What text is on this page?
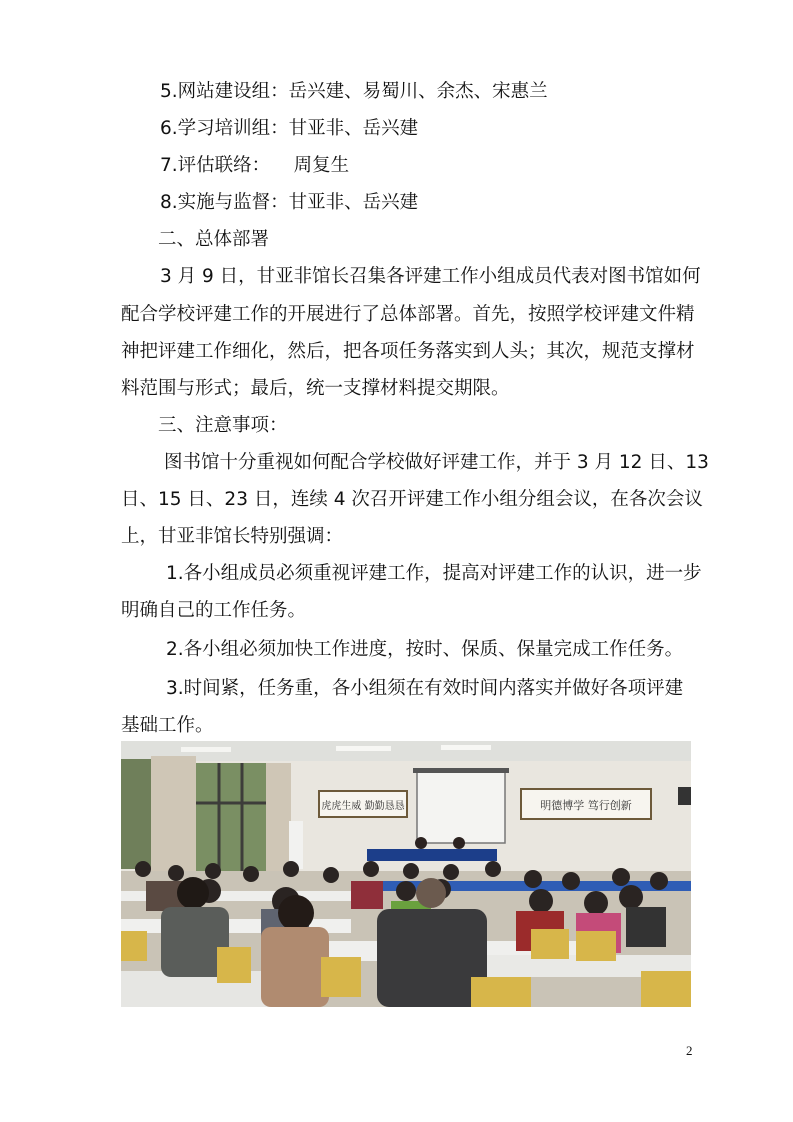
5.网站建设组：岳兴建、易蜀川、余杰、宋惠兰
6.学习培训组：甘亚非、岳兴建
7.评估联络：    周复生
8.实施与监督：甘亚非、岳兴建
二、总体部署
3 月 9 日，甘亚非馆长召集各评建工作小组成员代表对图书馆如何
配合学校评建工作的开展进行了总体部署。首先，按照学校评建文件精
神把评建工作细化，然后，把各项任务落实到人头；其次，规范支撑材
料范围与形式；最后，统一支撑材料提交期限。
三、注意事项：
图书馆十分重视如何配合学校做好评建工作，并于 3 月 12 日、13
日、15 日、23 日，连续 4 次召开评建工作小组分组会议，在各次会议
上，甘亚非馆长特别强调：
1.各小组成员必须重视评建工作，提高对评建工作的认识，进一步
明确自己的工作任务。
2.各小组必须加快工作进度，按时、保质、保量完成工作任务。
3.时间紧，任务重，各小组须在有效时间内落实并做好各项评建
基础工作。
虎虎生威 勤勤恳恳	明德博学 笃行创新
2
